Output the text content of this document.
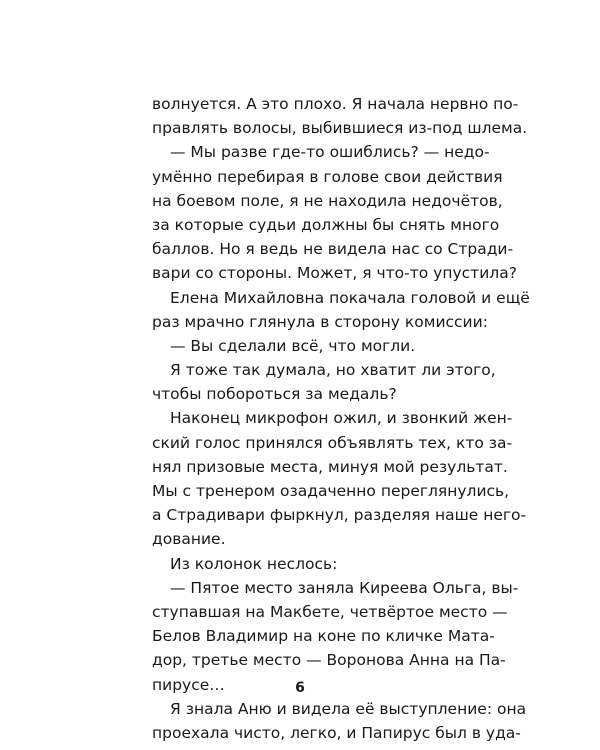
волнуется. А это плохо. Я начала нервно по-
правлять волосы, выбившиеся из-под шлема.
— Мы разве где-то ошиблись? — недо-
умённо перебирая в голове свои действия
на боевом поле, я не находила недочётов,
за которые судьи должны бы снять много
баллов. Но я ведь не видела нас со Стради-
вари со стороны. Может, я что-то упустила?
Елена Михайловна покачала головой и ещё
раз мрачно глянула в сторону комиссии:
— Вы сделали всё, что могли.
Я тоже так думала, но хватит ли этого,
чтобы побороться за медаль?
Наконец микрофон ожил, и звонкий жен-
ский голос принялся объявлять тех, кто за-
нял призовые места, минуя мой результат.
Мы с тренером озадаченно переглянулись,
а Страдивари фыркнул, разделяя наше него-
дование.
Из колонок неслось:
— Пятое место заняла Киреева Ольга, вы-
ступавшая на Макбете, четвёртое место —
Белов Владимир на коне по кличке Мата-
дор, третье место — Воронова Анна на Па-
пирусе…
Я знала Аню и видела её выступление: она
проехала чисто, легко, и Папирус был в уда-
6
